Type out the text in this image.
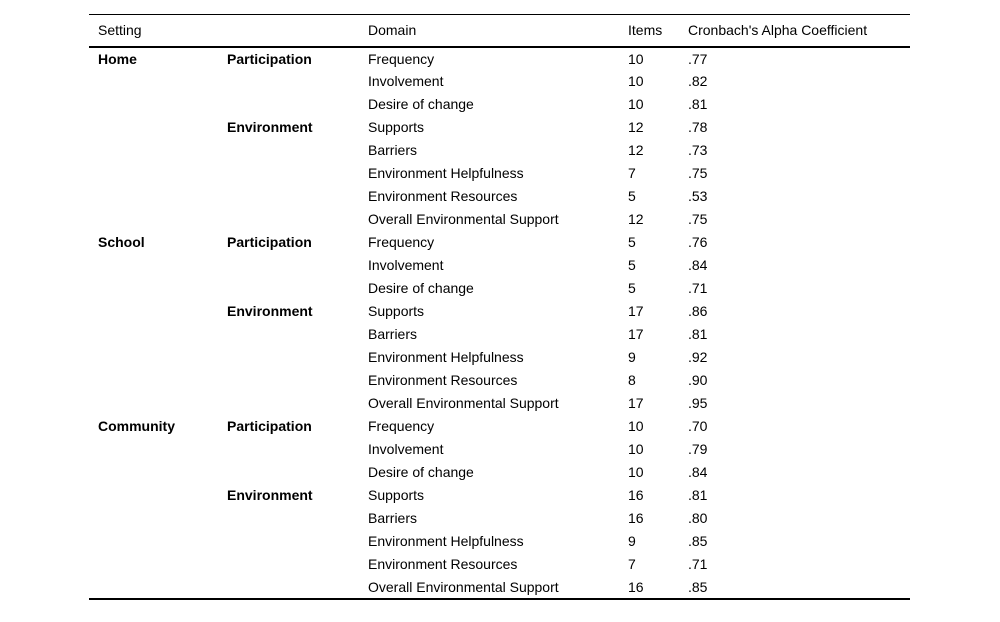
Setting		Domain	Items	Cronbach's Alpha Coefficient
Home	Participation	Frequency	10	.77
		Involvement	10	.82
		Desire of change	10	.81
	Environment	Supports	12	.78
		Barriers	12	.73
		Environment Helpfulness	7	.75
		Environment Resources	5	.53
		Overall Environmental Support	12	.75
School	Participation	Frequency	5	.76
		Involvement	5	.84
		Desire of change	5	.71
	Environment	Supports	17	.86
		Barriers	17	.81
		Environment Helpfulness	9	.92
		Environment Resources	8	.90
		Overall Environmental Support	17	.95
Community	Participation	Frequency	10	.70
		Involvement	10	.79
		Desire of change	10	.84
	Environment	Supports	16	.81
		Barriers	16	.80
		Environment Helpfulness	9	.85
		Environment Resources	7	.71
		Overall Environmental Support	16	.85
